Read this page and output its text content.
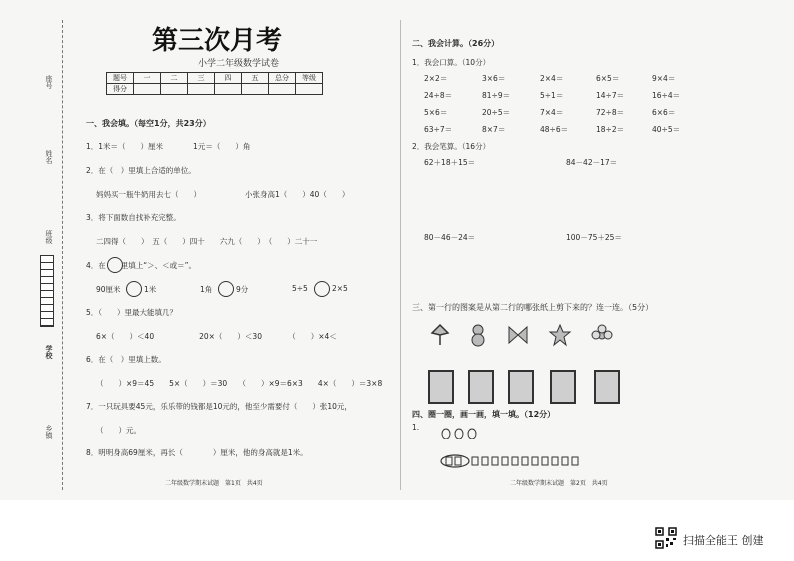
座号
姓名
班级
学校
乡镇
第三次月考
小学二年级数学试卷
题号	一	二	三	四	五	总分	等级
得分							
一、我会填。（每空1分，共23分）
1．1米＝（　　）厘米　　　　1元＝（　　）角
2．在（　）里填上合适的单位。
妈妈买一瓶牛奶用去七（　　）	小张身高1（　　）40（　　）
3．将下面数自找补充完整。
二四得（　　）　五（　　）四十　　六九（　　）　（　　）二十一
4．在　　里填上“＞、＜或＝”。
90厘米	1米	1角	9分	5÷5	2×5
5．（　　）里最大能填几？
6×（　　）＜40　　　　　　20×（　　）＜30　　　　（　　）×4＜
6．在（　）里填上数。
（　　）×9＝45　　5×（　　）＝30　　（　　）×9＝6×3　　4×（　　）＝3×8
7．一只玩具要45元，乐乐带的钱都是10元的，他至少需要付（　　）张10元，
（　　）元。
8．明明身高69厘米，再长（　　　　）厘米，他的身高就是1米。
二年级数学期末试题　第1页　共4页
二、我会计算。（26分）
1．我会口算。（10分）
2×2＝	3×6＝	2×4＝	6×5＝	9×4＝
24÷8＝	81÷9＝	5÷1＝	14÷7＝	16÷4＝
5×6＝	20÷5＝	7×4＝	72÷8＝	6×6＝
63÷7＝	8×7＝	48÷6＝	18÷2＝	40÷5＝
2．我会笔算。（16分）
62＋18＋15＝	84－42－17＝
80－46－24＝	100－75＋25＝
三、第一行的图案是从第二行的哪张纸上剪下来的？连一连。（5分）
四、圈一圈，画一画，填一填。（12分）
1.
二年级数学期末试题　第2页　共4页
扫描全能王 创建
